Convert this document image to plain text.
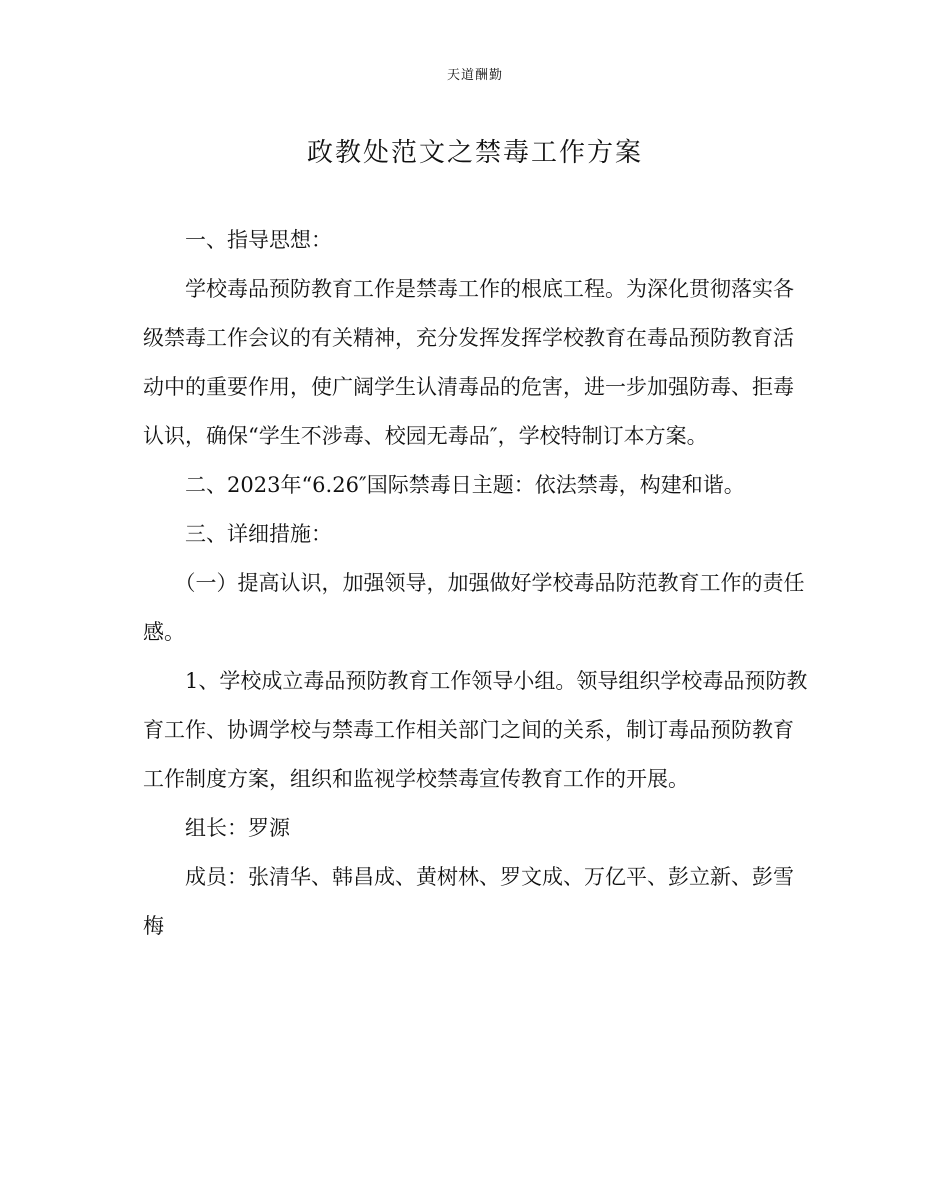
天道酬勤
政教处范文之禁毒工作方案

一、指导思想：

学校毒品预防教育工作是禁毒工作的根底工程。为深化贯彻落实各级禁毒工作会议的有关精神，充分发挥发挥学校教育在毒品预防教育活动中的重要作用，使广阔学生认清毒品的危害，进一步加强防毒、拒毒认识，确保“学生不涉毒、校园无毒品″，学校特制订本方案。

二、2023年“6.26″国际禁毒日主题：依法禁毒，构建和谐。

三、详细措施：

（一）提高认识，加强领导，加强做好学校毒品防范教育工作的责任感。

1、学校成立毒品预防教育工作领导小组。领导组织学校毒品预防教育工作、协调学校与禁毒工作相关部门之间的关系，制订毒品预防教育工作制度方案，组织和监视学校禁毒宣传教育工作的开展。

组长：罗源

成员：张清华、韩昌成、黄树林、罗文成、万亿平、彭立新、彭雪梅
